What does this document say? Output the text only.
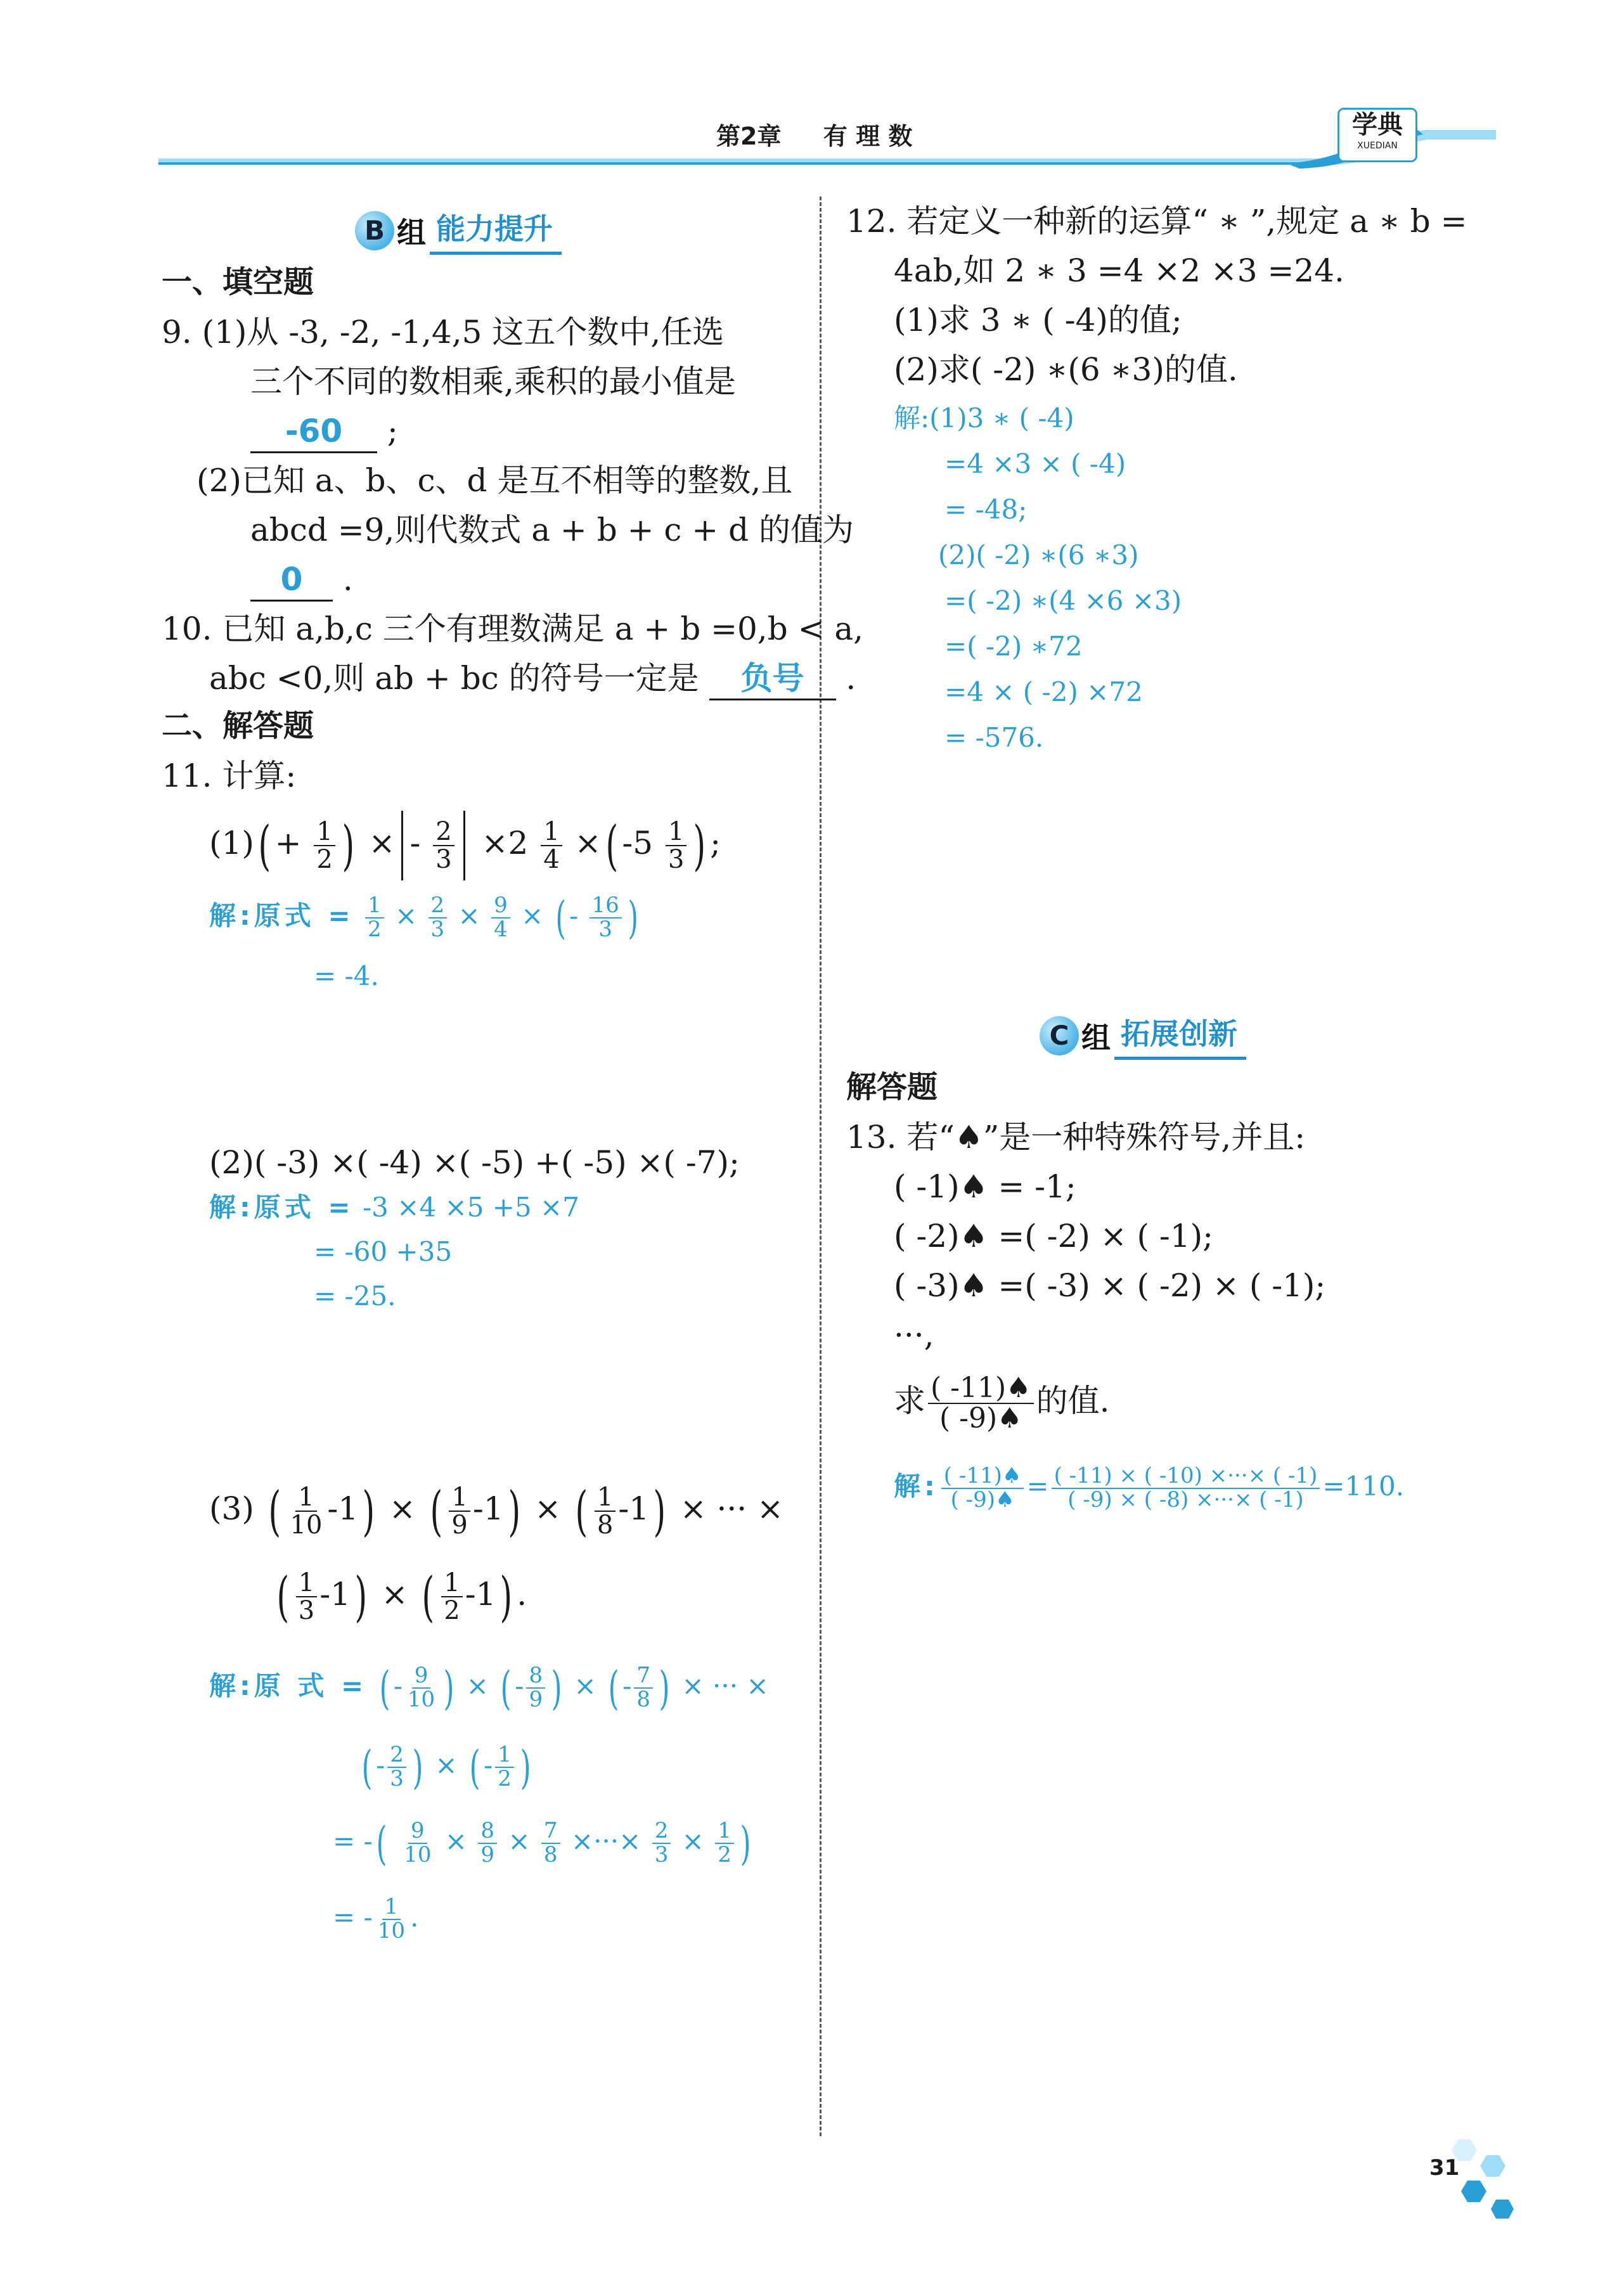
第2章 有 理 数	学典
XUEDIAN
B 组 能力提升
一、填空题
9. (1)从 -3, -2, -1,4,5 这五个数中,任选
三个不同的数相乘,乘积的最小值是
-60 ;
(2)已知 a、b、c、d 是互不相等的整数,且
abcd =9,则代数式 a + b + c + d 的值为
0 .
10. 已知 a,b,c 三个有理数满足 a + b =0,b < a,
abc <0,则 ab + bc 的符号一定是 负号 .
二、解答题
11. 计算:
$(1)( + \frac{1}{2}$ ) × - $\frac{2}{3} \times 2 \frac{1}{4}$ ×( $-5 \frac{1}{3}$ ) ;
解:原式 = $\frac{1}{2} \times \frac{2}{3} \times \frac{9}{4}$ × ( - $\frac{16}{3}$ )
= -4.
(2)( -3) ×( -4) ×( -5) +( -5) ×( -7);
解:原式 = -3 ×4 ×5 +5 ×7
= -60 +35
= -25.
(3) ( $\frac{1}{10} -1$) × ( $\frac{1}{9} -1$) × ( $\frac{1}{8} -1$) × ··· ×
( $\frac{1}{3} -1$) × ( $\frac{1}{2} -1$) .
解:原 式 = ( - $\frac{9}{10}$ ) × ( - $\frac{8}{9}$ ) × ( - $\frac{7}{8}$ ) × ··· ×
( - $\frac{2}{3}$ ) × ( - $\frac{1}{2}$ )
= -( $\frac{9}{10} \times \frac{8}{9} \times \frac{7}{8}$ ×···× $\frac{2}{3} \times \frac{1}{2}$ )
= - $\frac{1}{10}$ .
12. 若定义一种新的运算“ ∗ ”,规定 a ∗ b =
4ab,如 2 ∗ 3 =4 ×2 ×3 =24.
(1)求 3 ∗ ( -4)的值;
(2)求( -2) ∗(6 ∗3)的值.
解:(1)3 ∗ ( -4)
=4 ×3 × ( -4)
= -48;
(2)( -2) ∗(6 ∗3)
=( -2) ∗(4 ×6 ×3)
=( -2) ∗72
=4 × ( -2) ×72
= -576.
C 组 拓展创新
解答题
13. 若“♠”是一种特殊符号,并且:
( -1)♠ = -1;
( -2)♠ =( -2) × ( -1);
( -3)♠ =( -3) × ( -2) × ( -1);
···,
求 $\frac{( -11)♠}{( -9)♠}$ 的值.
解: $\frac{( -11)♠}{( -9)♠} = \frac{( -11) \times ( -10) \times\cdot\cdot\cdot\times ( -1)}{( -9) \times ( -8) \times\cdot\cdot\cdot\times ( -1)} =110$.
31
